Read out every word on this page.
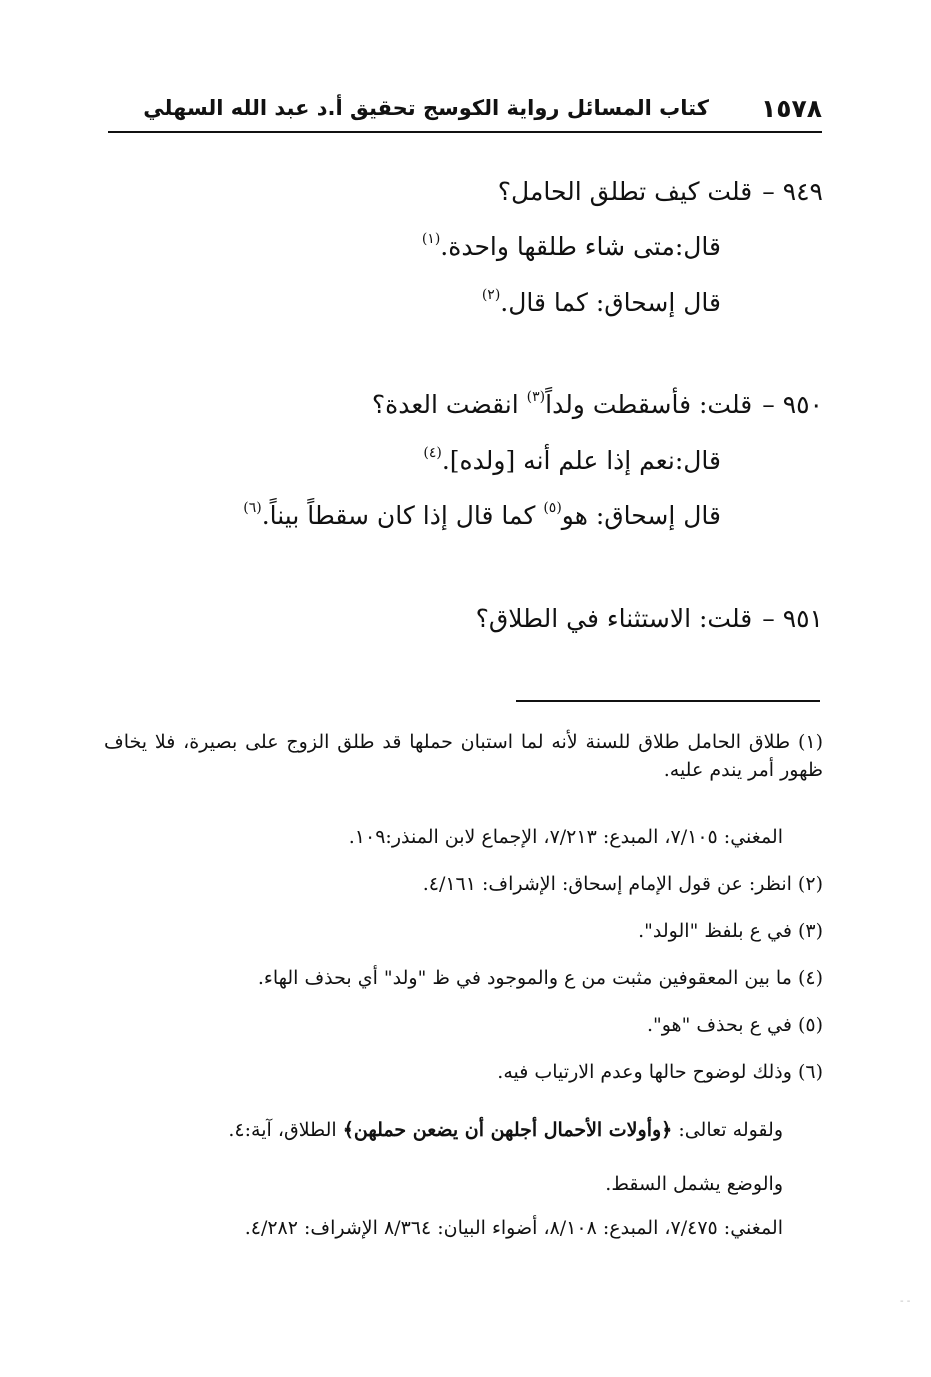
١٥٧٨
كتاب المسائل رواية الكوسج تحقيق أ.د عبد الله السهلي
٩٤٩–قلت كيف تطلق الحامل؟
قال:متى شاء طلقها واحدة.$^{(١)}$
قال إسحاق: كما قال.$^{(٢)}$
٩٥٠–قلت: فأسقطت ولداً$^{(٣)}$ انقضت العدة؟
قال:نعم إذا علم أنه [ولده].$^{(٤)}$
قال إسحاق: هو$^{(٥)}$ كما قال إذا كان سقطاً بيناً.$^{(٦)}$
٩٥١–قلت: الاستثناء في الطلاق؟
(١) طلاق الحامل طلاق للسنة لأنه لما استبان حملها قد طلق الزوج على بصيرة، فلا يخاف ظهور أمر يندم عليه.
المغني: ٧/١٠٥، المبدع: ٧/٢١٣، الإجماع لابن المنذر:١٠٩.
(٢) انظر: عن قول الإمام إسحاق: الإشراف: ٤/١٦١.
(٣) في ع بلفظ "الولد".
(٤) ما بين المعقوفين مثبت من ع والموجود في ظ "ولد" أي بحذف الهاء.
(٥) في ع بحذف "هو".
(٦) وذلك لوضوح حالها وعدم الارتياب فيه.
ولقوله تعالى: ﴿وأولات الأحمال أجلهن أن يضعن حملهن﴾ الطلاق، آية:٤.
والوضع يشمل السقط.
المغني: ٧/٤٧٥، المبدع: ٨/١٠٨، أضواء البيان: ٨/٣٦٤ الإشراف: ٤/٢٨٢.
- -
